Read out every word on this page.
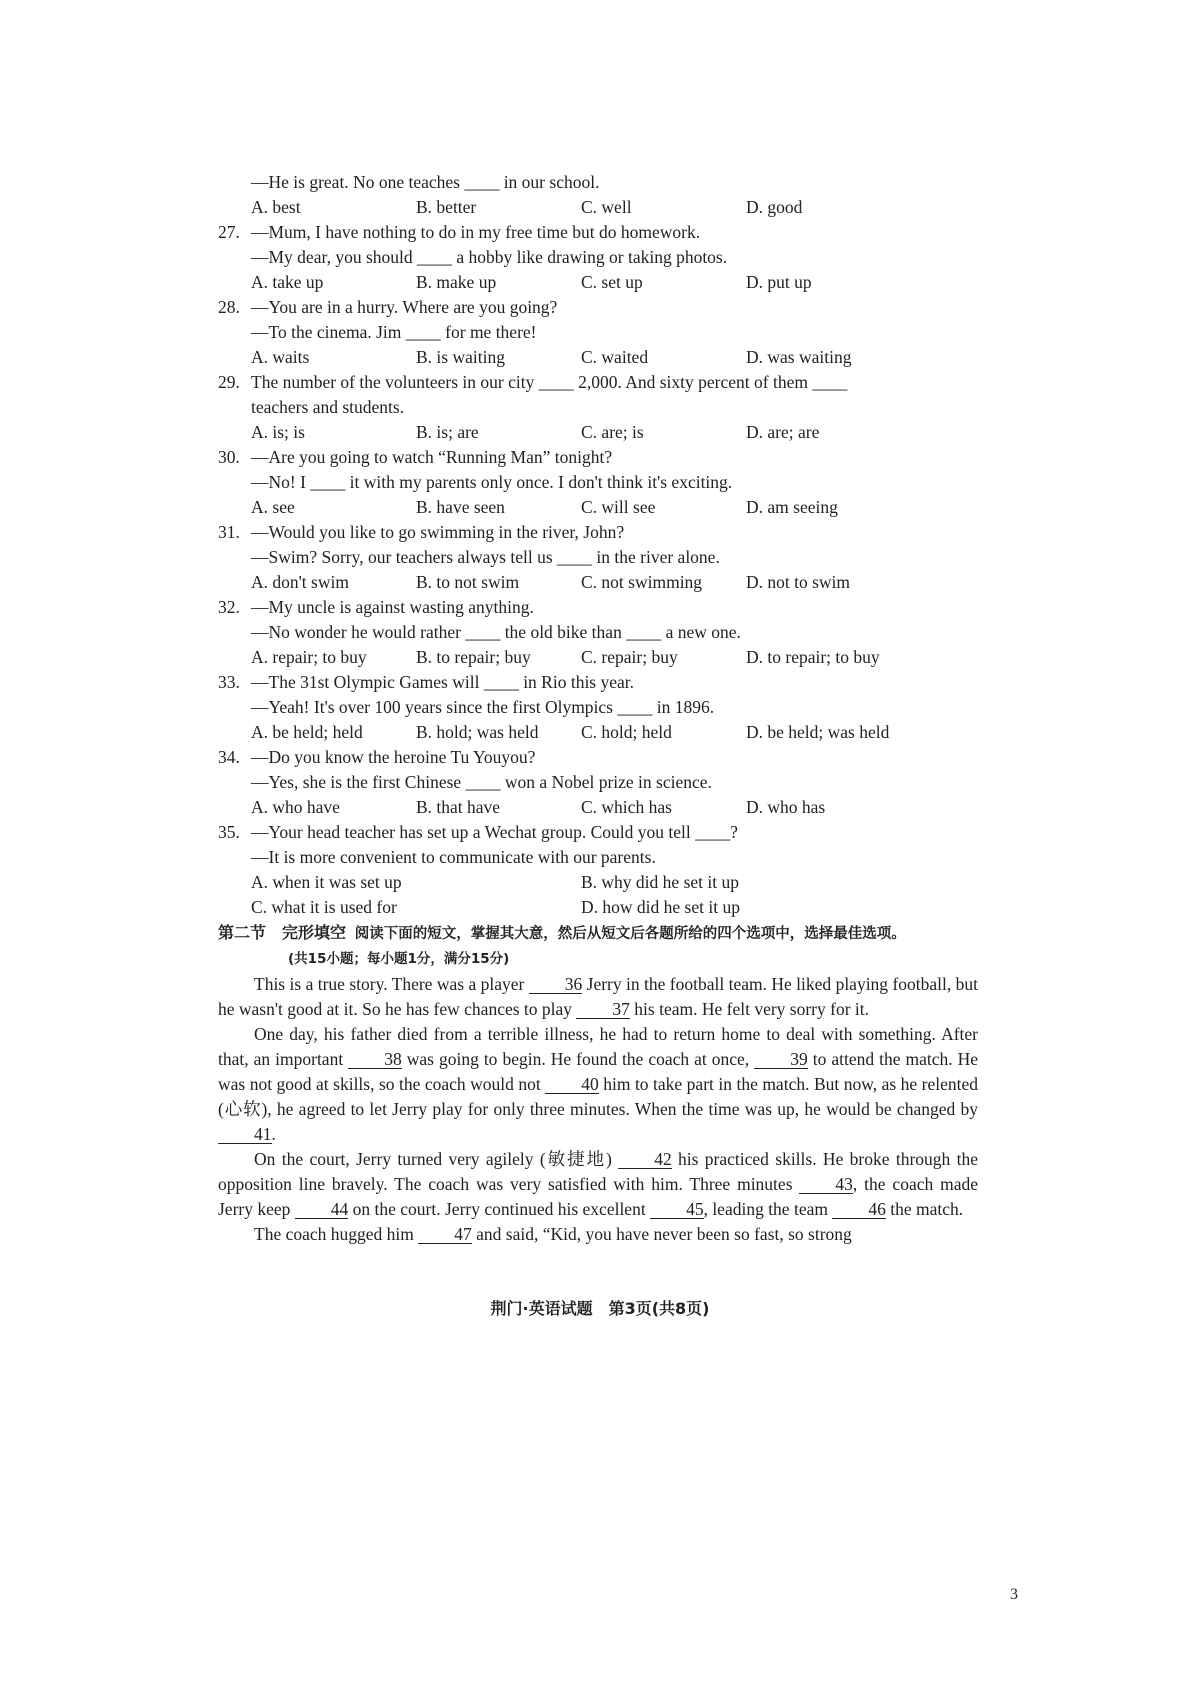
—He is great. No one teaches ____ in our school.
A. best	B. better	C. well	D. good
27. —Mum, I have nothing to do in my free time but do homework.
—My dear, you should ____ a hobby like drawing or taking photos.
A. take up	B. make up	C. set up	D. put up
28. —You are in a hurry. Where are you going?
—To the cinema. Jim ____ for me there!
A. waits	B. is waiting	C. waited	D. was waiting
29. The number of the volunteers in our city ____ 2,000. And sixty percent of them ____
teachers and students.
A. is; is	B. is; are	C. are; is	D. are; are
30. —Are you going to watch “Running Man” tonight?
—No! I ____ it with my parents only once. I don't think it's exciting.
A. see	B. have seen	C. will see	D. am seeing
31. —Would you like to go swimming in the river, John?
—Swim? Sorry, our teachers always tell us ____ in the river alone.
A. don't swim	B. to not swim	C. not swimming	D. not to swim
32. —My uncle is against wasting anything.
—No wonder he would rather ____ the old bike than ____ a new one.
A. repair; to buy	B. to repair; buy	C. repair; buy	D. to repair; to buy
33. —The 31st Olympic Games will ____ in Rio this year.
—Yeah! It's over 100 years since the first Olympics ____ in 1896.
A. be held; held	B. hold; was held	C. hold; held	D. be held; was held
34. —Do you know the heroine Tu Youyou?
—Yes, she is the first Chinese ____ won a Nobel prize in science.
A. who have	B. that have	C. which has	D. who has
35. —Your head teacher has set up a Wechat group. Could you tell ____?
—It is more convenient to communicate with our parents.
A. when it was set up	B. why did he set it up
C. what it is used for	D. how did he set it up
第二节　完形填空 阅读下面的短文，掌握其大意，然后从短文后各题所给的四个选项中，选择最佳选项。
(共15小题；每小题1分，满分15分)
This is a true story. There was a player 36 Jerry in the football team. He liked playing football, but he wasn't good at it. So he has few chances to play 37 his team. He felt very sorry for it.
One day, his father died from a terrible illness, he had to return home to deal with something. After that, an important 38 was going to begin. He found the coach at once, 39 to attend the match. He was not good at skills, so the coach would not 40 him to take part in the match. But now, as he relented (心软), he agreed to let Jerry play for only three minutes. When the time was up, he would be changed by 41.
On the court, Jerry turned very agilely (敏捷地) 42 his practiced skills. He broke through the opposition line bravely. The coach was very satisfied with him. Three minutes 43, the coach made Jerry keep 44 on the court. Jerry continued his excellent 45, leading the team 46 the match.
The coach hugged him 47 and said, “Kid, you have never been so fast, so strong
荆门·英语试题　第3页(共8页)
3
